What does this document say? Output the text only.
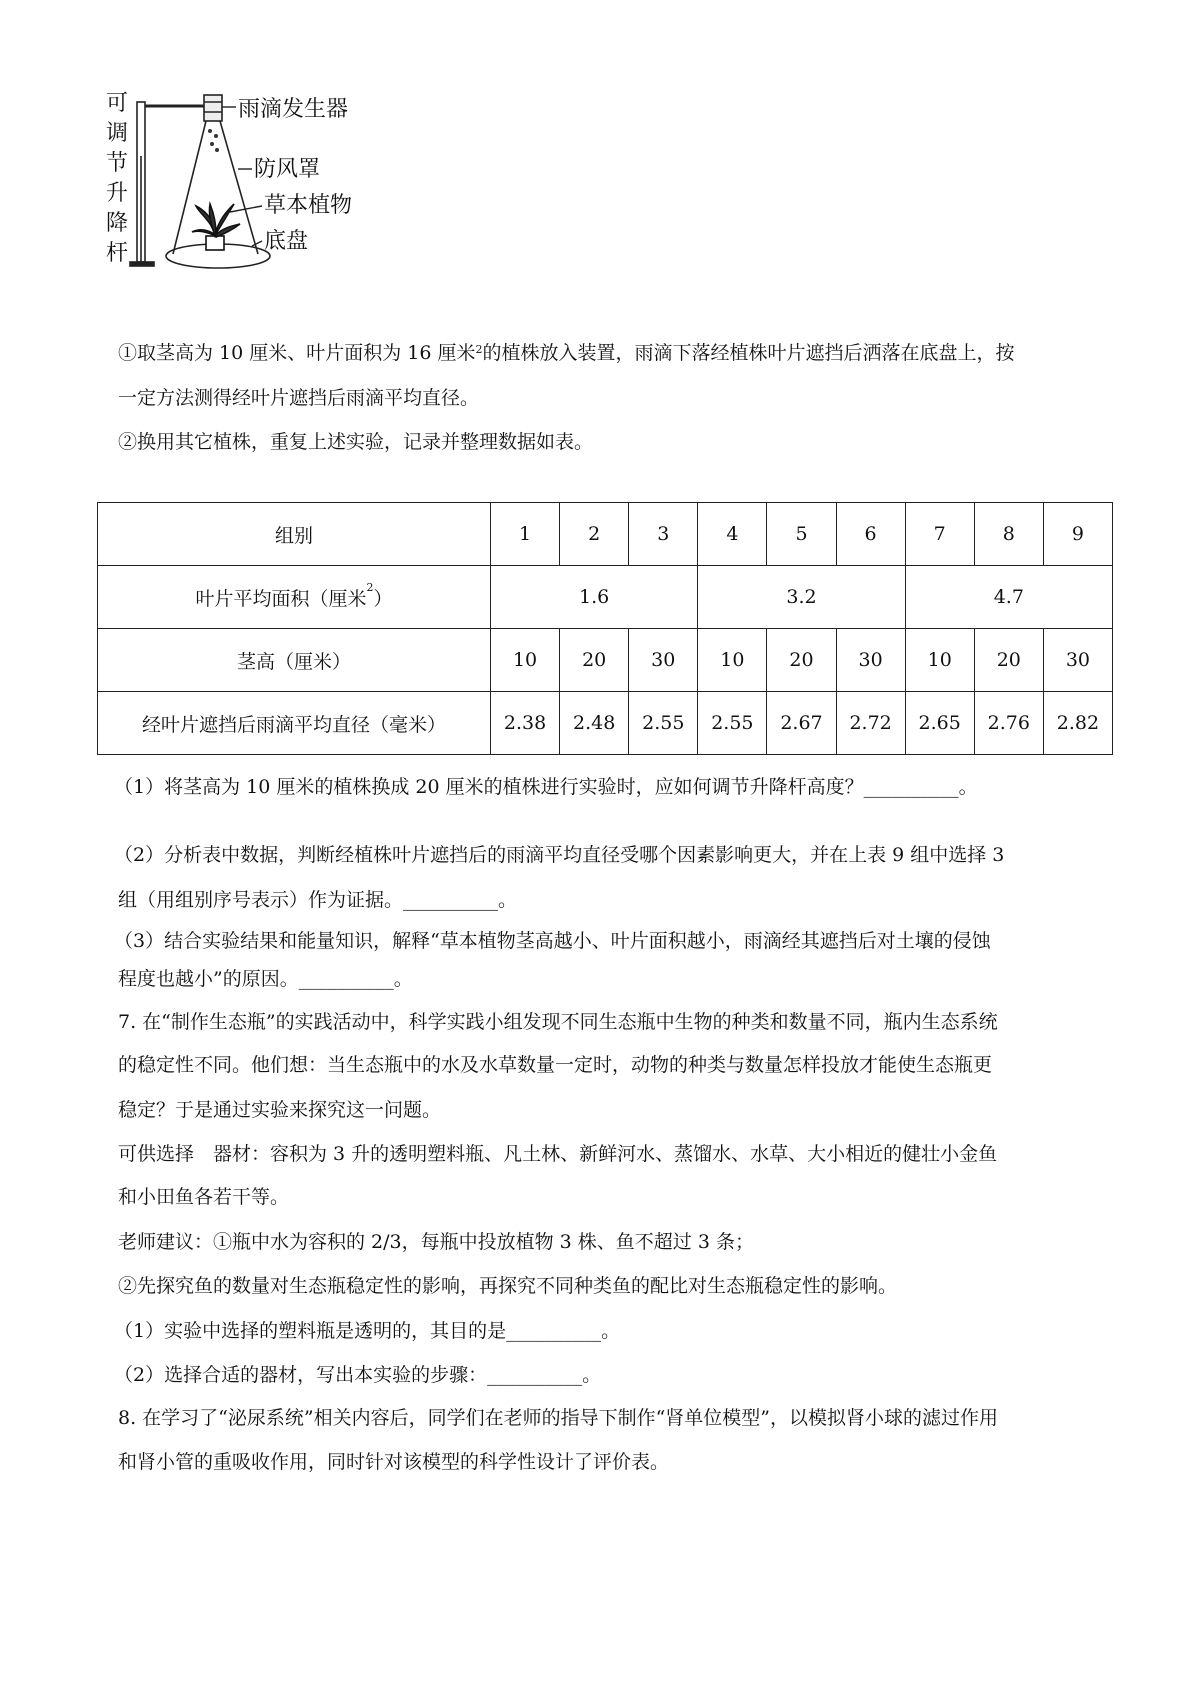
可
调
节
升
降
杆
雨滴发生器
防风罩
草本植物
底盘
①取茎高为 10 厘米、叶片面积为 16 厘米$^2$的植株放入装置，雨滴下落经植株叶片遮挡后洒落在底盘上，按
一定方法测得经叶片遮挡后雨滴平均直径。
②换用其它植株，重复上述实验，记录并整理数据如表。
组别	1	2	3	4	5	6	7	8	9
叶片平均面积（厘米$^2$）	1.6			3.2			4.7		
茎高（厘米）	10	20	30	10	20	30	10	20	30
经叶片遮挡后雨滴平均直径（毫米）	2.38	2.48	2.55	2.55	2.67	2.72	2.65	2.76	2.82
（1）将茎高为 10 厘米的植株换成 20 厘米的植株进行实验时，应如何调节升降杆高度？__________。
（2）分析表中数据，判断经植株叶片遮挡后的雨滴平均直径受哪个因素影响更大，并在上表 9 组中选择 3
组（用组别序号表示）作为证据。__________。
（3）结合实验结果和能量知识，解释“草本植物茎高越小、叶片面积越小，雨滴经其遮挡后对土壤的侵蚀
程度也越小”的原因。__________。
7. 在“制作生态瓶”的实践活动中，科学实践小组发现不同生态瓶中生物的种类和数量不同，瓶内生态系统
的稳定性不同。他们想：当生态瓶中的水及水草数量一定时，动物的种类与数量怎样投放才能使生态瓶更
稳定？于是通过实验来探究这一问题。
可供选择　器材：容积为 3 升的透明塑料瓶、凡土林、新鲜河水、蒸馏水、水草、大小相近的健壮小金鱼
和小田鱼各若干等。
老师建议：①瓶中水为容积的 2/3，每瓶中投放植物 3 株、鱼不超过 3 条；
②先探究鱼的数量对生态瓶稳定性的影响，再探究不同种类鱼的配比对生态瓶稳定性的影响。
（1）实验中选择的塑料瓶是透明的，其目的是__________。
（2）选择合适的器材，写出本实验的步骤：__________。
8. 在学习了“泌尿系统”相关内容后，同学们在老师的指导下制作“肾单位模型”，以模拟肾小球的滤过作用
和肾小管的重吸收作用，同时针对该模型的科学性设计了评价表。
